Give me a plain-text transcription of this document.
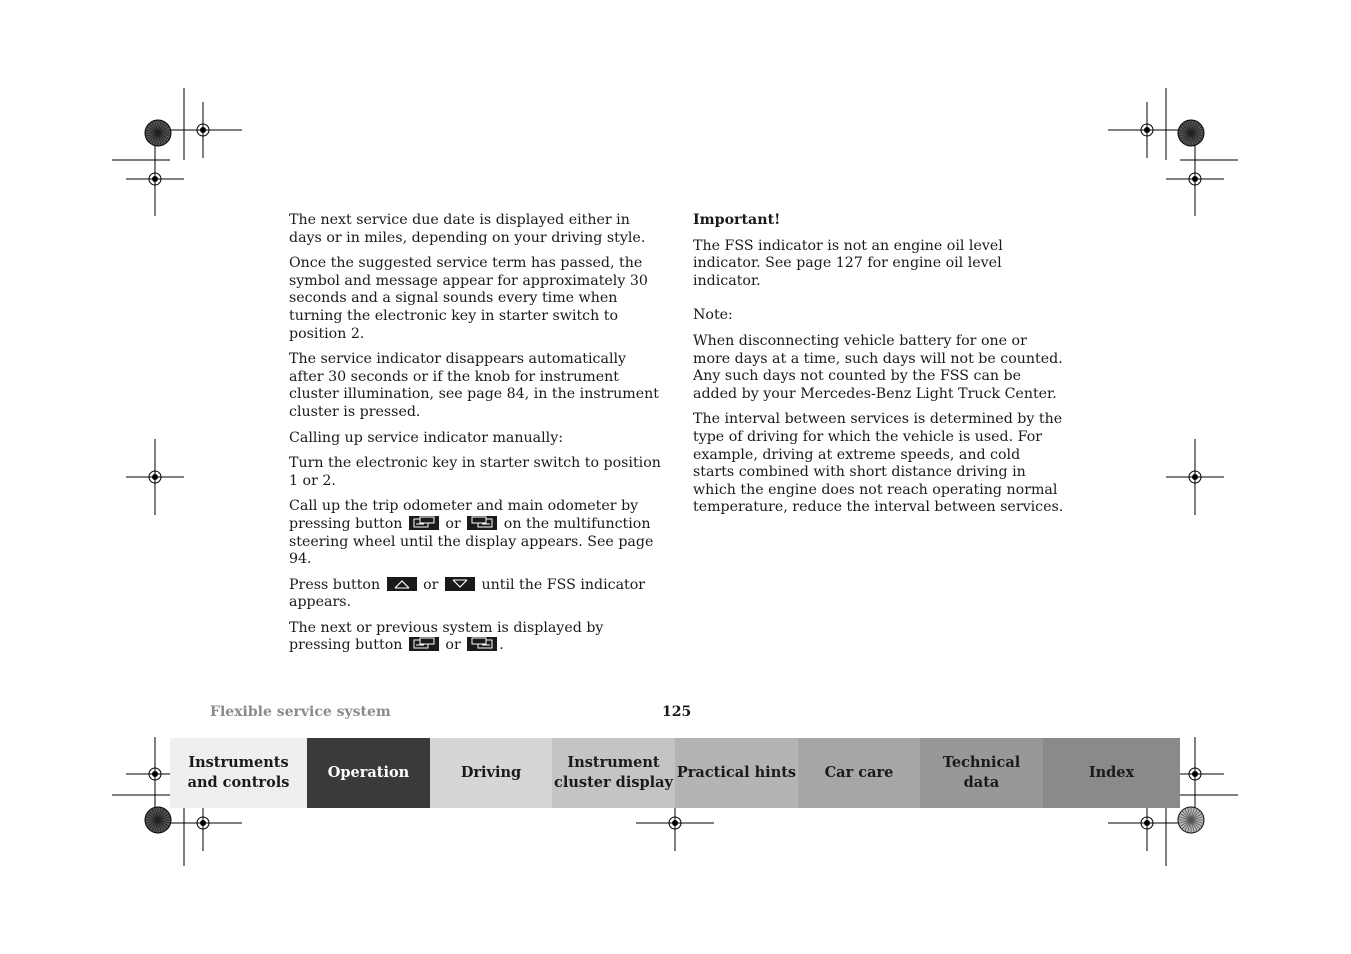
The next service due date is displayed either in days or in miles, depending on your driving style.

Once the suggested service term has passed, the symbol and message appear for approximately 30 seconds and a signal sounds every time when turning the electronic key in starter switch to position 2.

The service indicator disappears automatically after 30 seconds or if the knob for instrument cluster illumination, see page 84, in the instrument cluster is pressed.

Calling up service indicator manually:

Turn the electronic key in starter switch to position 1 or 2.

Call up the trip odometer and main odometer by pressing button	or	on the multifunction steering wheel until the display appears. See page 94.

Press button	or	until the FSS indicator appears.

The next or previous system is displayed by pressing button	or	.

Important!

The FSS indicator is not an engine oil level indicator. See page 127 for engine oil level indicator.

Note:

When disconnecting vehicle battery for one or more days at a time, such days will not be counted. Any such days not counted by the FSS can be added by your Mercedes-Benz Light Truck Center.

The interval between services is determined by the type of driving for which the vehicle is used. For example, driving at extreme speeds, and cold starts combined with short distance driving in which the engine does not reach operating normal temperature, reduce the interval between services.

Flexible service system	125
Instruments
and controls
Operation	Driving
Instrument
cluster display
Practical hints Car care
Technical
data
Index
